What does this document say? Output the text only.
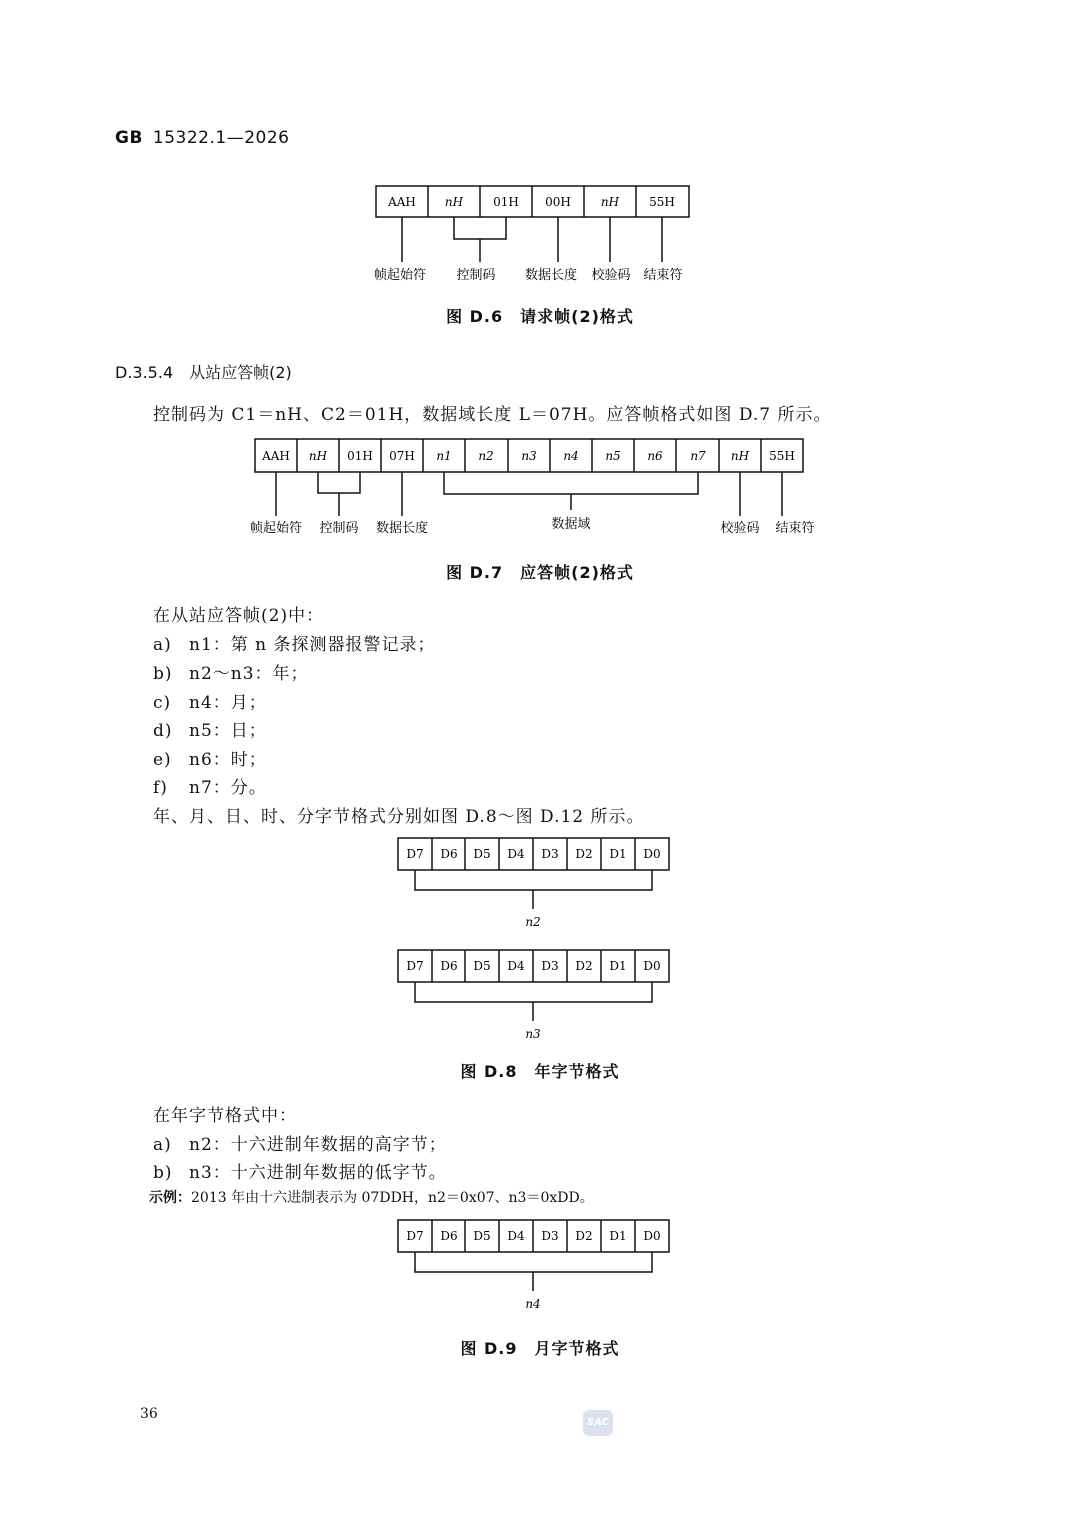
GB 15322.1—2026
AAH nH	01H 00H	nH	55H
帧起始符 控制码 数据长度 校验码 结束符
图 D.6　请求帧(2)格式
D.3.5.4 从站应答帧(2)
控制码为 C1＝nH、C2＝01H，数据域长度 L＝07H。应答帧格式如图 D.7 所示。
AAH nH 01H 07H n1 n2 n3 n4 n5 n6 n7 nH 55H
帧起始符 控制码 数据长度	数据域	校验码 结束符
图 D.7　应答帧(2)格式
在从站应答帧(2)中：
a) n1：第 n 条探测器报警记录；
b) n2～n3：年；
c) n4：月；
d) n5：日；
e) n6：时；
f) n7：分。
年、月、日、时、分字节格式分别如图 D.8～图 D.12 所示。
D7 D6 D5 D4 D3 D2 D1 D0
n2
D7 D6 D5 D4 D3 D2 D1 D0
n3
图 D.8　年字节格式
在年字节格式中：
a) n2：十六进制年数据的高字节；
b) n3：十六进制年数据的低字节。
示例：2013 年由十六进制表示为 07DDH，n2＝0x07、n3＝0xDD。
D7 D6 D5 D4 D3 D2 D1 D0
n4
图 D.9　月字节格式
36
SAC
